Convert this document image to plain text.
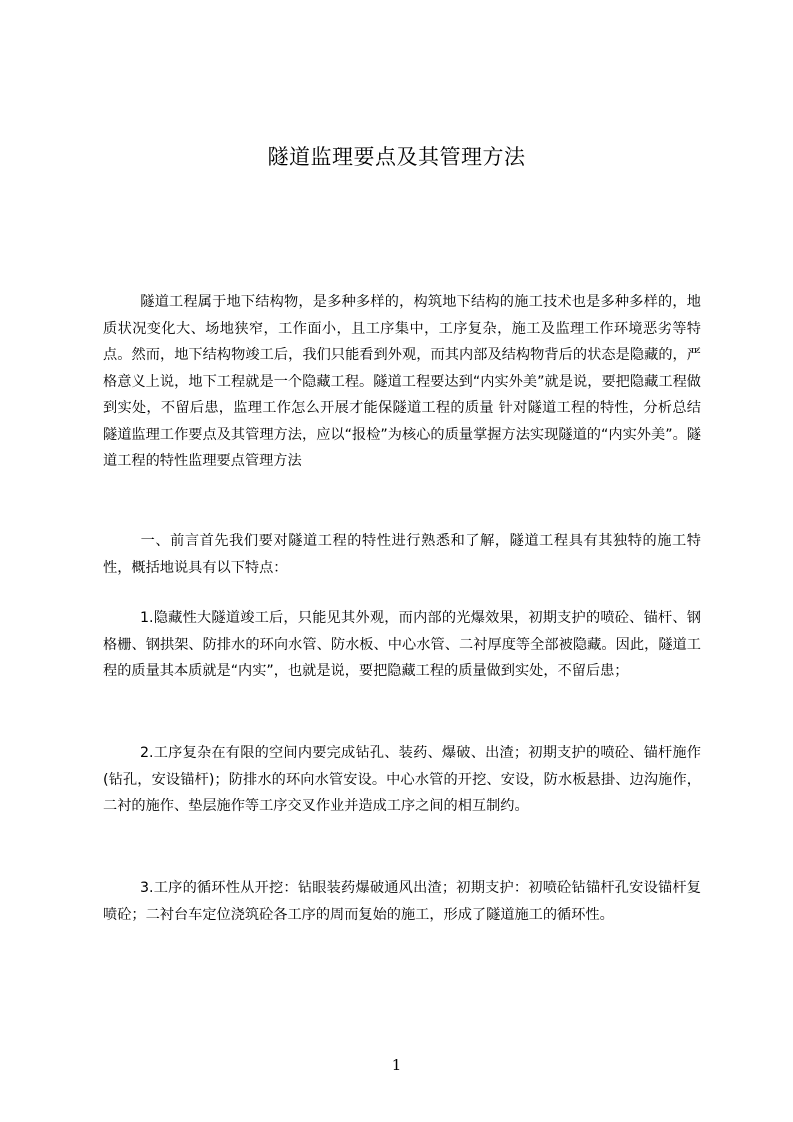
隧道监理要点及其管理方法

隧道工程属于地下结构物，是多种多样的，构筑地下结构的施工技术也是多种多样的，地质状况变化大、场地狭窄，工作面小，且工序集中，工序复杂，施工及监理工作环境恶劣等特点。然而，地下结构物竣工后，我们只能看到外观，而其内部及结构物背后的状态是隐藏的，严格意义上说，地下工程就是一个隐藏工程。隧道工程要达到“内实外美”就是说，要把隐藏工程做到实处，不留后患，监理工作怎么开展才能保隧道工程的质量 针对隧道工程的特性，分析总结隧道监理工作要点及其管理方法，应以“报检”为核心的质量掌握方法实现隧道的“内实外美”。隧道工程的特性监理要点管理方法

一、前言首先我们要对隧道工程的特性进行熟悉和了解，隧道工程具有其独特的施工特性，概括地说具有以下特点：

1.隐藏性大隧道竣工后，只能见其外观，而内部的光爆效果，初期支护的喷砼、锚杆、钢格栅、钢拱架、防排水的环向水管、防水板、中心水管、二衬厚度等全部被隐藏。因此，隧道工程的质量其本质就是“内实”，也就是说，要把隐藏工程的质量做到实处，不留后患；

2.工序复杂在有限的空间内要完成钻孔、装药、爆破、出渣；初期支护的喷砼、锚杆施作(钻孔，安设锚杆)；防排水的环向水管安设。中心水管的开挖、安设，防水板悬掛、边沟施作，二衬的施作、垫层施作等工序交叉作业并造成工序之间的相互制约。

3.工序的循环性从开挖：钻眼装药爆破通风出渣；初期支护：初喷砼钻锚杆孔安设锚杆复喷砼；二衬台车定位浇筑砼各工序的周而复始的施工，形成了隧道施工的循环性。

1
